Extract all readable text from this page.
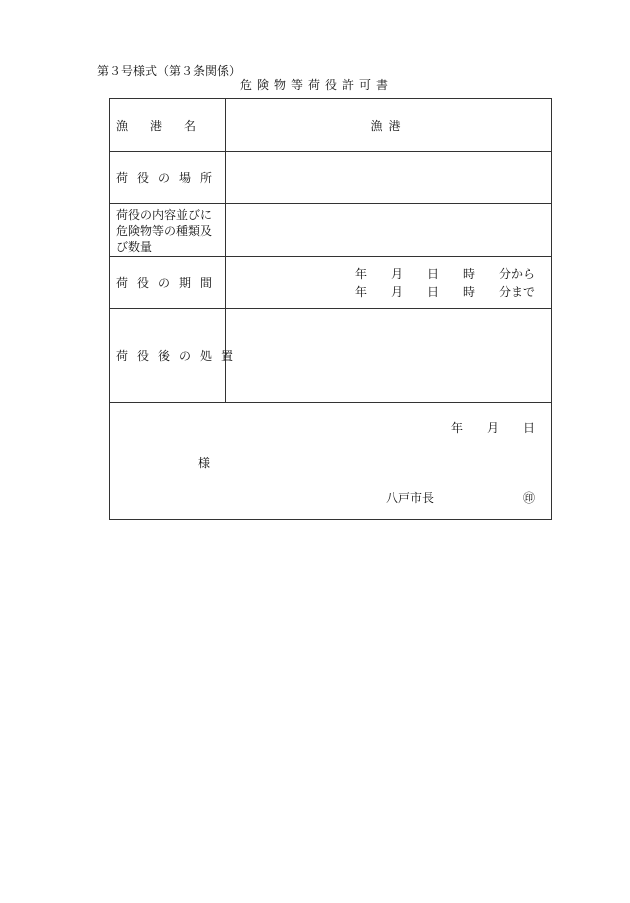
第３号様式（第３条関係）
危険物等荷役許可書
漁港名	漁港
荷役の場所	
荷役の内容並びに危険物等の種類及び数量	
荷役の期間	年　　月　　日　　時　　分から
年　　月　　日　　時　　分まで

荷役後の処置	

年　　月　　日
様
八戸市長 ㊞	
